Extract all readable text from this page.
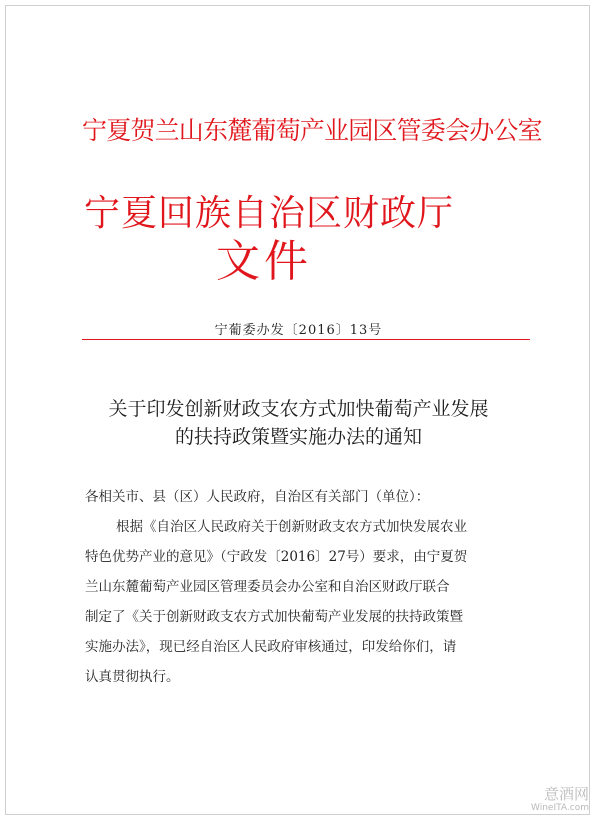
宁夏贺兰山东麓葡萄产业园区管委会办公室
宁夏回族自治区财政厅
文件
宁葡委办发〔2016〕13号
关于印发创新财政支农方式加快葡萄产业发展
的扶持政策暨实施办法的通知
各相关市、县（区）人民政府，自治区有关部门（单位）：
根据《自治区人民政府关于创新财政支农方式加快发展农业
特色优势产业的意见》（宁政发〔2016〕27号）要求，由宁夏贺
兰山东麓葡萄产业园区管理委员会办公室和自治区财政厅联合
制定了《关于创新财政支农方式加快葡萄产业发展的扶持政策暨
实施办法》，现已经自治区人民政府审核通过，印发给你们，请
认真贯彻执行。
意酒网
WineITA.com
